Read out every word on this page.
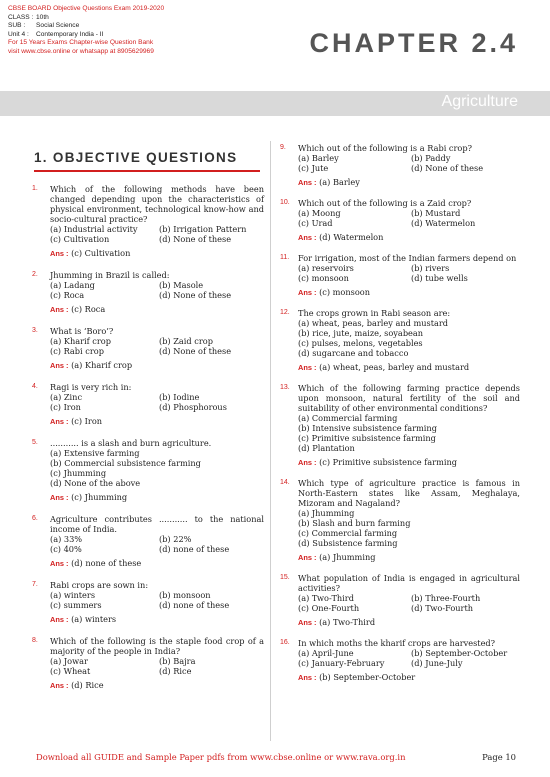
CBSE BOARD Objective Questions Exam 2019-2020
CLASS : 10th
SUB : Social Science
Unit 4 : Contemporary India - II
For 15 Years Exams Chapter-wise Question Bank
visit www.cbse.online or whatsapp at 8905629969	CHAPTER 2.4
Agriculture
1. OBJECTIVE QUESTIONS
1. Which of the following methods have been changed depending upon the characteristics of physical environment, technological know-how and socio-cultural practice?
(a) Industrial activity	(b) Irrigation Pattern
(c) Cultivation	(d) None of these
Ans : (c) Cultivation
2. Jhumming in Brazil is called:
(a) Ladang	(b) Masole
(c) Roca	(d) None of these
Ans : (c) Roca
3. What is ‘Boro’?
(a) Kharif crop	(b) Zaid crop
(c) Rabi crop	(d) None of these
Ans : (a) Kharif crop
4. Ragi is very rich in:
(a) Zinc	(b) Iodine
(c) Iron	(d) Phosphorous
Ans : (c) Iron
5. ........... is a slash and burn agriculture.
(a) Extensive farming
(b) Commercial subsistence farming
(c) Jhumming
(d) None of the above
Ans : (c) Jhumming
6. Agriculture contributes ........... to the national income of India.
(a) 33%	(b) 22%
(c) 40%	(d) none of these
Ans : (d) none of these
7. Rabi crops are sown in:
(a) winters	(b) monsoon
(c) summers	(d) none of these
Ans : (a) winters
8. Which of the following is the staple food crop of a majority of the people in India?
(a) Jowar	(b) Bajra
(c) Wheat	(d) Rice
Ans : (d) Rice
9. Which out of the following is a Rabi crop?
(a) Barley	(b) Paddy
(c) Jute	(d) None of these
Ans : (a) Barley
10. Which out of the following is a Zaid crop?
(a) Moong	(b) Mustard
(c) Urad	(d) Watermelon
Ans : (d) Watermelon
11. For irrigation, most of the Indian farmers depend on
(a) reservoirs	(b) rivers
(c) monsoon	(d) tube wells
Ans : (c) monsoon
12. The crops grown in Rabi season are:
(a) wheat, peas, barley and mustard
(b) rice, jute, maize, soyabean
(c) pulses, melons, vegetables
(d) sugarcane and tobacco
Ans : (a) wheat, peas, barley and mustard
13. Which of the following farming practice depends upon monsoon, natural fertility of the soil and suitability of other environmental conditions?
(a) Commercial farming
(b) Intensive subsistence farming
(c) Primitive subsistence farming
(d) Plantation
Ans : (c) Primitive subsistence farming
14. Which type of agriculture practice is famous in North-Eastern states like Assam, Meghalaya, Mizoram and Nagaland?
(a) Jhumming
(b) Slash and burn farming
(c) Commercial farming
(d) Subsistence farming
Ans : (a) Jhumming
15. What population of India is engaged in agricultural activities?
(a) Two-Third	(b) Three-Fourth
(c) One-Fourth	(d) Two-Fourth
Ans : (a) Two-Third
16. In which moths the kharif crops are harvested?
(a) April-June	(b) September-October
(c) January-February	(d) June-July
Ans : (b) September-October
Download all GUIDE and Sample Paper pdfs from www.cbse.online or www.rava.org.in	Page 10
